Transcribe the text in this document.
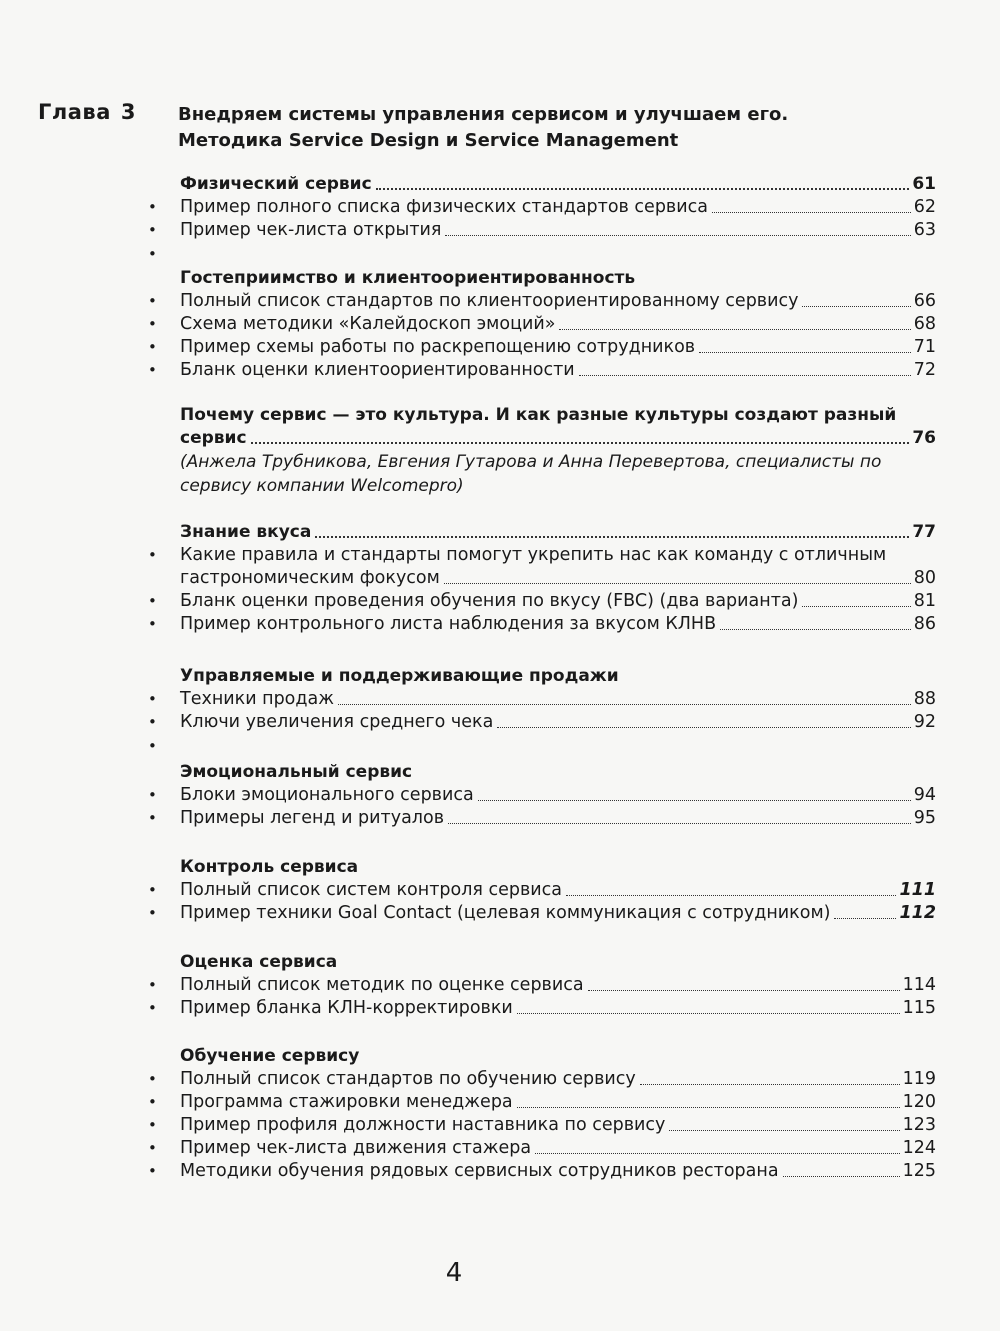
Глава 3 Внедряем системы управления сервисом и улучшаем его.
Методика Service Design и Service Management
Физический сервис	61
• Пример полного списка физических стандартов сервиса	62
• Пример чек-листа открытия	63
•
Гостеприимство и клиентоориентированность
• Полный список стандартов по клиентоориентированному сервису	66
• Схема методики «Калейдоскоп эмоций»	68
• Пример схемы работы по раскрепощению сотрудников	71
• Бланк оценки клиентоориентированности	72
Почему сервис — это культура. И как разные культуры создают разный
сервис	76
(Анжела Трубникова, Евгения Гутарова и Анна Перевертова, специалисты по
сервису компании Welcomepro)
Знание вкуса	77
• Какие правила и стандарты помогут укрепить нас как команду с отличным
гастрономическим фокусом	80
• Бланк оценки проведения обучения по вкусу (FBC) (два варианта)	81
• Пример контрольного листа наблюдения за вкусом КЛНВ	86
Управляемые и поддерживающие продажи
• Техники продаж	88
• Ключи увеличения среднего чека	92
•
Эмоциональный сервис
• Блоки эмоционального сервиса	94
• Примеры легенд и ритуалов	95
Контроль сервиса
• Полный список систем контроля сервиса	111
• Пример техники Goal Contact (целевая коммуникация с сотрудником)	112
Оценка сервиса
• Полный список методик по оценке сервиса	114
• Пример бланка КЛН-корректировки	115
Обучение сервису
• Полный список стандартов по обучению сервису	119
• Программа стажировки менеджера	120
• Пример профиля должности наставника по сервису	123
• Пример чек-листа движения стажера	124
• Методики обучения рядовых сервисных сотрудников ресторана	125
4
